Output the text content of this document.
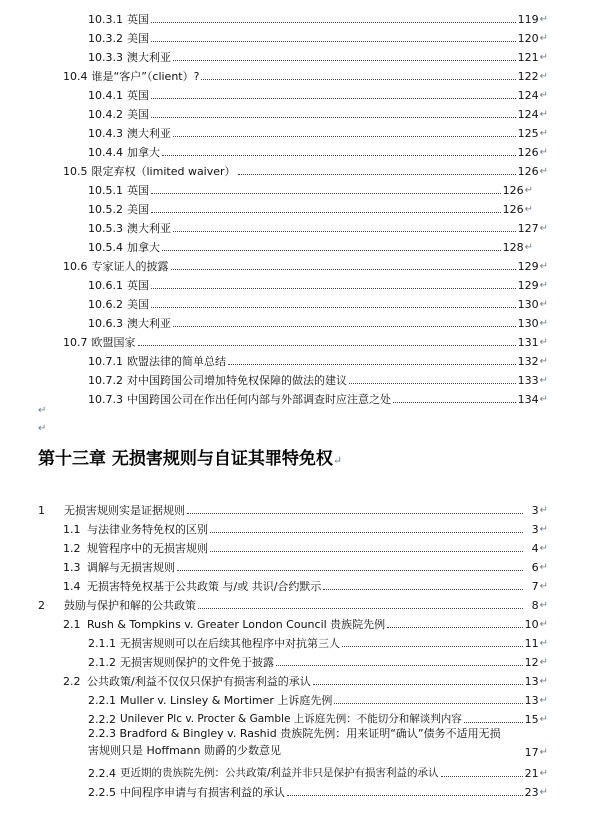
10.3.1 英国	119 ↵
10.3.2 美国	120 ↵
10.3.3 澳大利亚	121 ↵
10.4 谁是“客户”（client）?	122 ↵
10.4.1 英国	124 ↵
10.4.2 美国	124 ↵
10.4.3 澳大利亚	125 ↵
10.4.4 加拿大	126 ↵
10.5 限定弃权（limited waiver）	126 ↵
10.5.1 英国	126 ↵
10.5.2 美国	126 ↵
10.5.3 澳大利亚	127 ↵
10.5.4 加拿大	128 ↵
10.6 专家证人的披露	129 ↵
10.6.1 英国	129 ↵
10.6.2 美国	130 ↵
10.6.3 澳大利亚	130 ↵
10.7 欧盟国家	131 ↵
10.7.1 欧盟法律的简单总结	132 ↵
10.7.2 对中国跨国公司增加特免权保障的做法的建议	133 ↵
10.7.3 中国跨国公司在作出任何内部与外部调查时应注意之处	134 ↵
↵
↵
第十三章 无损害规则与自证其罪特免权↵
1	无损害规则实是证据规则	3 ↵
1.1 与法律业务特免权的区别	3 ↵
1.2 规管程序中的无损害规则	4 ↵
1.3 调解与无损害规则	6 ↵
1.4 无损害特免权基于公共政策 与/或 共识/合约默示	7 ↵
2	鼓励与保护和解的公共政策	8 ↵
2.1 Rush & Tompkins v. Greater London Council 贵族院先例	10 ↵
2.1.1 无损害规则可以在后续其他程序中对抗第三人	11 ↵
2.1.2 无损害规则保护的文件免于披露	12 ↵
2.2 公共政策/利益不仅仅只保护有损害利益的承认	13 ↵
2.2.1 Muller v. Linsley & Mortimer 上诉庭先例	13 ↵
2.2.2 Unilever Plc v. Procter & Gamble 上诉庭先例：不能切分和解谈判内容	15 ↵
2.2.3 Bradford & Bingley v. Rashid 贵族院先例：用来证明“确认”债务不适用无损害规则只是 Hoffmann 勋爵的少数意见	17 ↵
2.2.4 更近期的贵族院先例：公共政策/利益并非只是保护有损害利益的承认	21 ↵
2.2.5 中间程序申请与有损害利益的承认	23 ↵
